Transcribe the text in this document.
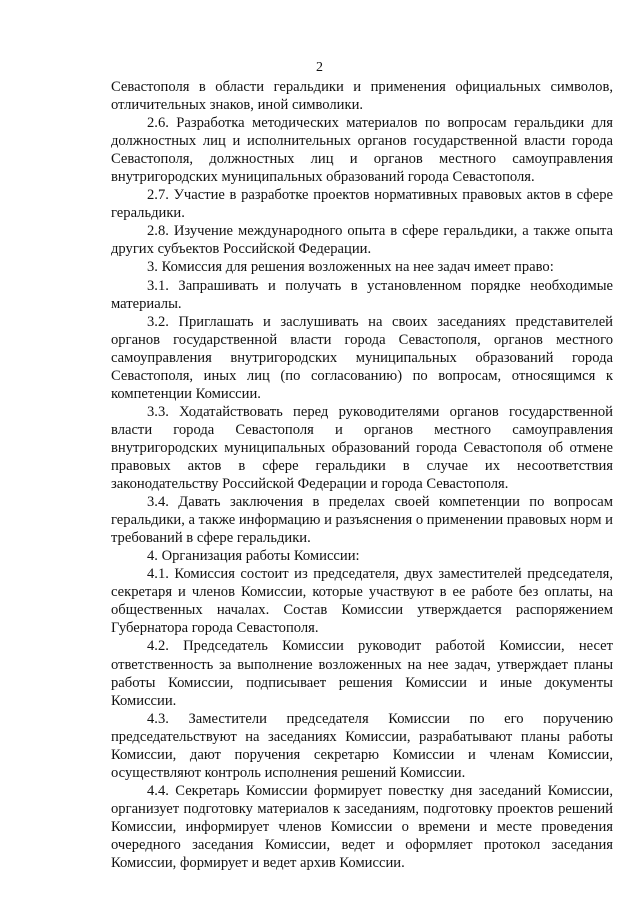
2

Севастополя в области геральдики и применения официальных символов, отличительных знаков, иной символики.

2.6. Разработка методических материалов по вопросам геральдики для должностных лиц и исполнительных органов государственной власти города Севастополя, должностных лиц и органов местного самоуправления внутригородских муниципальных образований города Севастополя.

2.7. Участие в разработке проектов нормативных правовых актов в сфере геральдики.

2.8. Изучение международного опыта в сфере геральдики, а также опыта других субъектов Российской Федерации.

3. Комиссия для решения возложенных на нее задач имеет право:

3.1. Запрашивать и получать в установленном порядке необходимые материалы.

3.2. Приглашать и заслушивать на своих заседаниях представителей органов государственной власти города Севастополя, органов местного самоуправления внутригородских муниципальных образований города Севастополя, иных лиц (по согласованию) по вопросам, относящимся к компетенции Комиссии.

3.3. Ходатайствовать перед руководителями органов государственной власти города Севастополя и органов местного самоуправления внутригородских муниципальных образований города Севастополя об отмене правовых актов в сфере геральдики в случае их несоответствия законодательству Российской Федерации и города Севастополя.

3.4. Давать заключения в пределах своей компетенции по вопросам геральдики, а также информацию и разъяснения о применении правовых норм и требований в сфере геральдики.

4. Организация работы Комиссии:

4.1. Комиссия состоит из председателя, двух заместителей председателя, секретаря и членов Комиссии, которые участвуют в ее работе без оплаты, на общественных началах. Состав Комиссии утверждается распоряжением Губернатора города Севастополя.

4.2. Председатель Комиссии руководит работой Комиссии, несет ответственность за выполнение возложенных на нее задач, утверждает планы работы Комиссии, подписывает решения Комиссии и иные документы Комиссии.

4.3. Заместители председателя Комиссии по его поручению председательствуют на заседаниях Комиссии, разрабатывают планы работы Комиссии, дают поручения секретарю Комиссии и членам Комиссии, осуществляют контроль исполнения решений Комиссии.

4.4. Секретарь Комиссии формирует повестку дня заседаний Комиссии, организует подготовку материалов к заседаниям, подготовку проектов решений Комиссии, информирует членов Комиссии о времени и месте проведения очередного заседания Комиссии, ведет и оформляет протокол заседания Комиссии, формирует и ведет архив Комиссии.
